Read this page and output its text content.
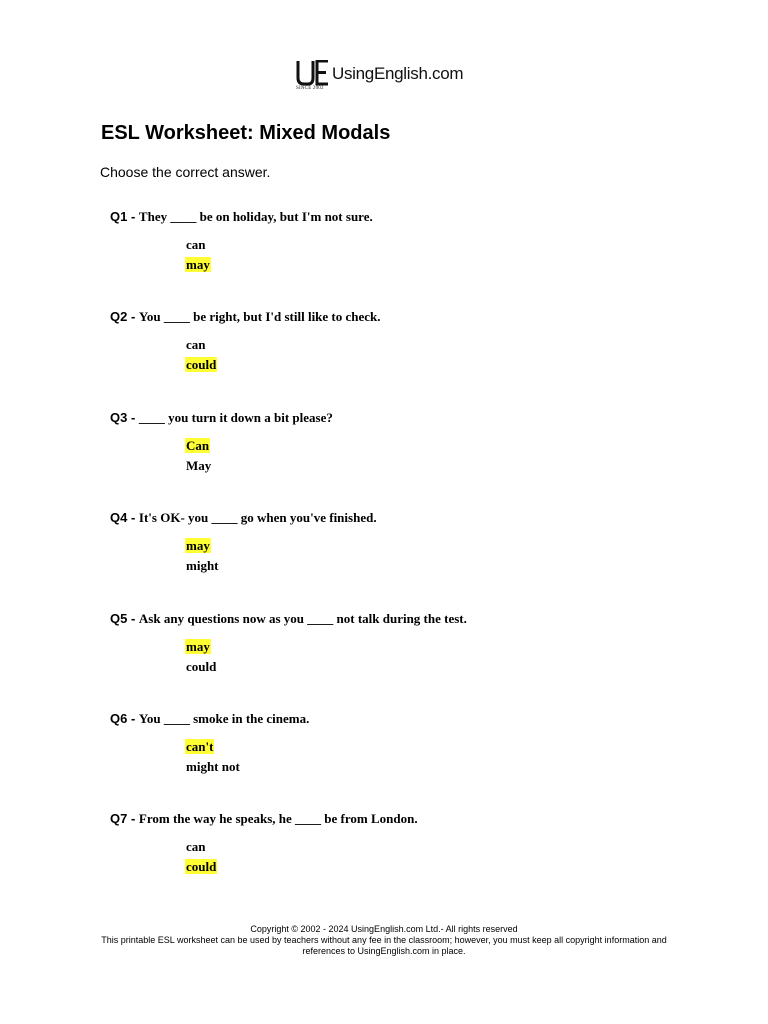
UsingEnglish.com
SINCE 2002
ESL Worksheet: Mixed Modals
Choose the correct answer.
Q1 - They ____ be on holiday, but I'm not sure.
can
may
Q2 - You ____ be right, but I'd still like to check.
can
could
Q3 - ____ you turn it down a bit please?
Can
May
Q4 - It's OK- you ____ go when you've finished.
may
might
Q5 - Ask any questions now as you ____ not talk during the test.
may
could
Q6 - You ____ smoke in the cinema.
can't
might not
Q7 - From the way he speaks, he ____ be from London.
can
could
Copyright © 2002 - 2024 UsingEnglish.com Ltd.- All rights reserved
This printable ESL worksheet can be used by teachers without any fee in the classroom; however, you must keep all copyright information and references to UsingEnglish.com in place.
